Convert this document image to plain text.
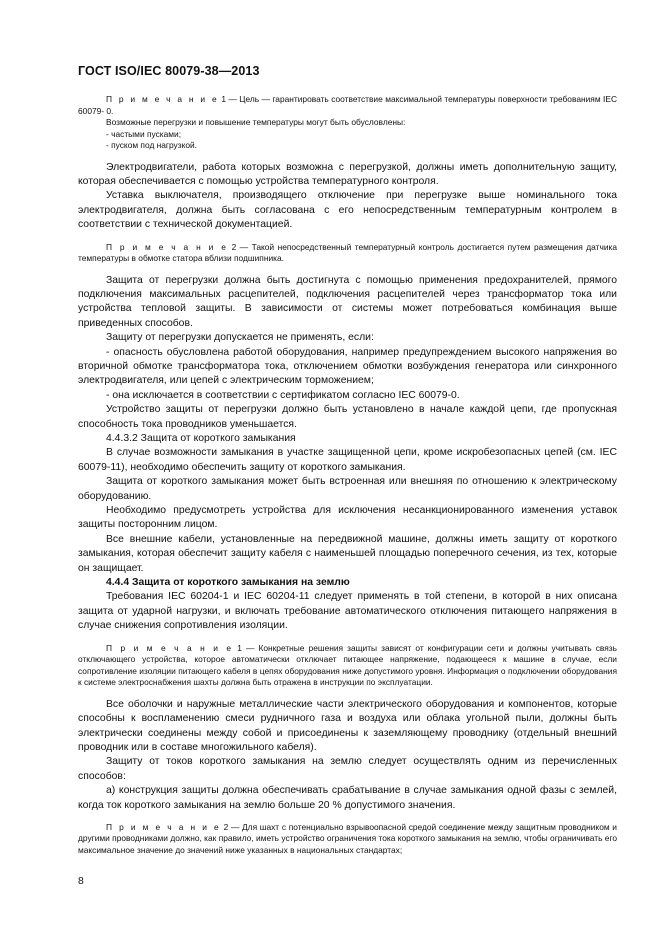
ГОСТ ISO/IEC 80079-38—2013

П р и м е ч а н и е 1 — Цель — гарантировать соответствие максимальной температуры поверхности требованиям IEC 60079- 0.

Возможные перегрузки и повышение температуры могут быть обусловлены:

- частыми пусками;

- пуском под нагрузкой.

Электродвигатели, работа которых возможна с перегрузкой, должны иметь дополнительную защиту, которая обеспечивается с помощью устройства температурного контроля.

Уставка выключателя, производящего отключение при перегрузке выше номинального тока электродвигателя, должна быть согласована с его непосредственным температурным контролем в соответствии с технической документацией.

П р и м е ч а н и е 2 — Такой непосредственный температурный контроль достигается путем размещения датчика температуры в обмотке статора вблизи подшипника.

Защита от перегрузки должна быть достигнута с помощью применения предохранителей, прямого подключения максимальных расцепителей, подключения расцепителей через трансформатор тока или устройства тепловой защиты. В зависимости от системы может потребоваться комбинация выше приведенных способов.

Защиту от перегрузки допускается не применять, если:

- опасность обусловлена работой оборудования, например предупреждением высокого напряжения во вторичной обмотке трансформатора тока, отключением обмотки возбуждения генератора или синхронного электродвигателя, или цепей с электрическим торможением;

- она исключается в соответствии с сертификатом согласно IEC 60079-0.

Устройство защиты от перегрузки должно быть установлено в начале каждой цепи, где пропускная способность тока проводников уменьшается.

4.4.3.2 Защита от короткого замыкания

В случае возможности замыкания в участке защищенной цепи, кроме искробезопасных цепей (см. IEC 60079-11), необходимо обеспечить защиту от короткого замыкания.

Защита от короткого замыкания может быть встроенная или внешняя по отношению к электрическому оборудованию.

Необходимо предусмотреть устройства для исключения несанкционированного изменения уставок защиты посторонним лицом.

Все внешние кабели, установленные на передвижной машине, должны иметь защиту от короткого замыкания, которая обеспечит защиту кабеля с наименьшей площадью поперечного сечения, из тех, которые он защищает.

4.4.4 Защита от короткого замыкания на землю

Требования IEC 60204-1 и IEC 60204-11 следует применять в той степени, в которой в них описана защита от ударной нагрузки, и включать требование автоматического отключения питающего напряжения в случае снижения сопротивления изоляции.

П р и м е ч а н и е 1 — Конкретные решения защиты зависят от конфигурации сети и должны учитывать связь отключающего устройства, которое автоматически отключает питающее напряжение, подающееся к машине в случае, если сопротивление изоляции питающего кабеля в цепях оборудования ниже допустимого уровня. Информация о подключении оборудования к системе электроснабжения шахты должна быть отражена в инструкции по эксплуатации.

Все оболочки и наружные металлические части электрического оборудования и компонентов, которые способны к воспламенению смеси рудничного газа и воздуха или облака угольной пыли, должны быть электрически соединены между собой и присоединены к заземляющему проводнику (отдельный внешний проводник или в составе многожильного кабеля).

Защиту от токов короткого замыкания на землю следует осуществлять одним из перечисленных способов:

а) конструкция защиты должна обеспечивать срабатывание в случае замыкания одной фазы с землей, когда ток короткого замыкания на землю больше 20 % допустимого значения.

П р и м е ч а н и е 2 — Для шахт с потенциально взрывоопасной средой соединение между защитным проводником и другими проводниками должно, как правило, иметь устройство ограничения тока короткого замыкания на землю, чтобы ограничивать его максимальное значение до значений ниже указанных в национальных стандартах;

8
